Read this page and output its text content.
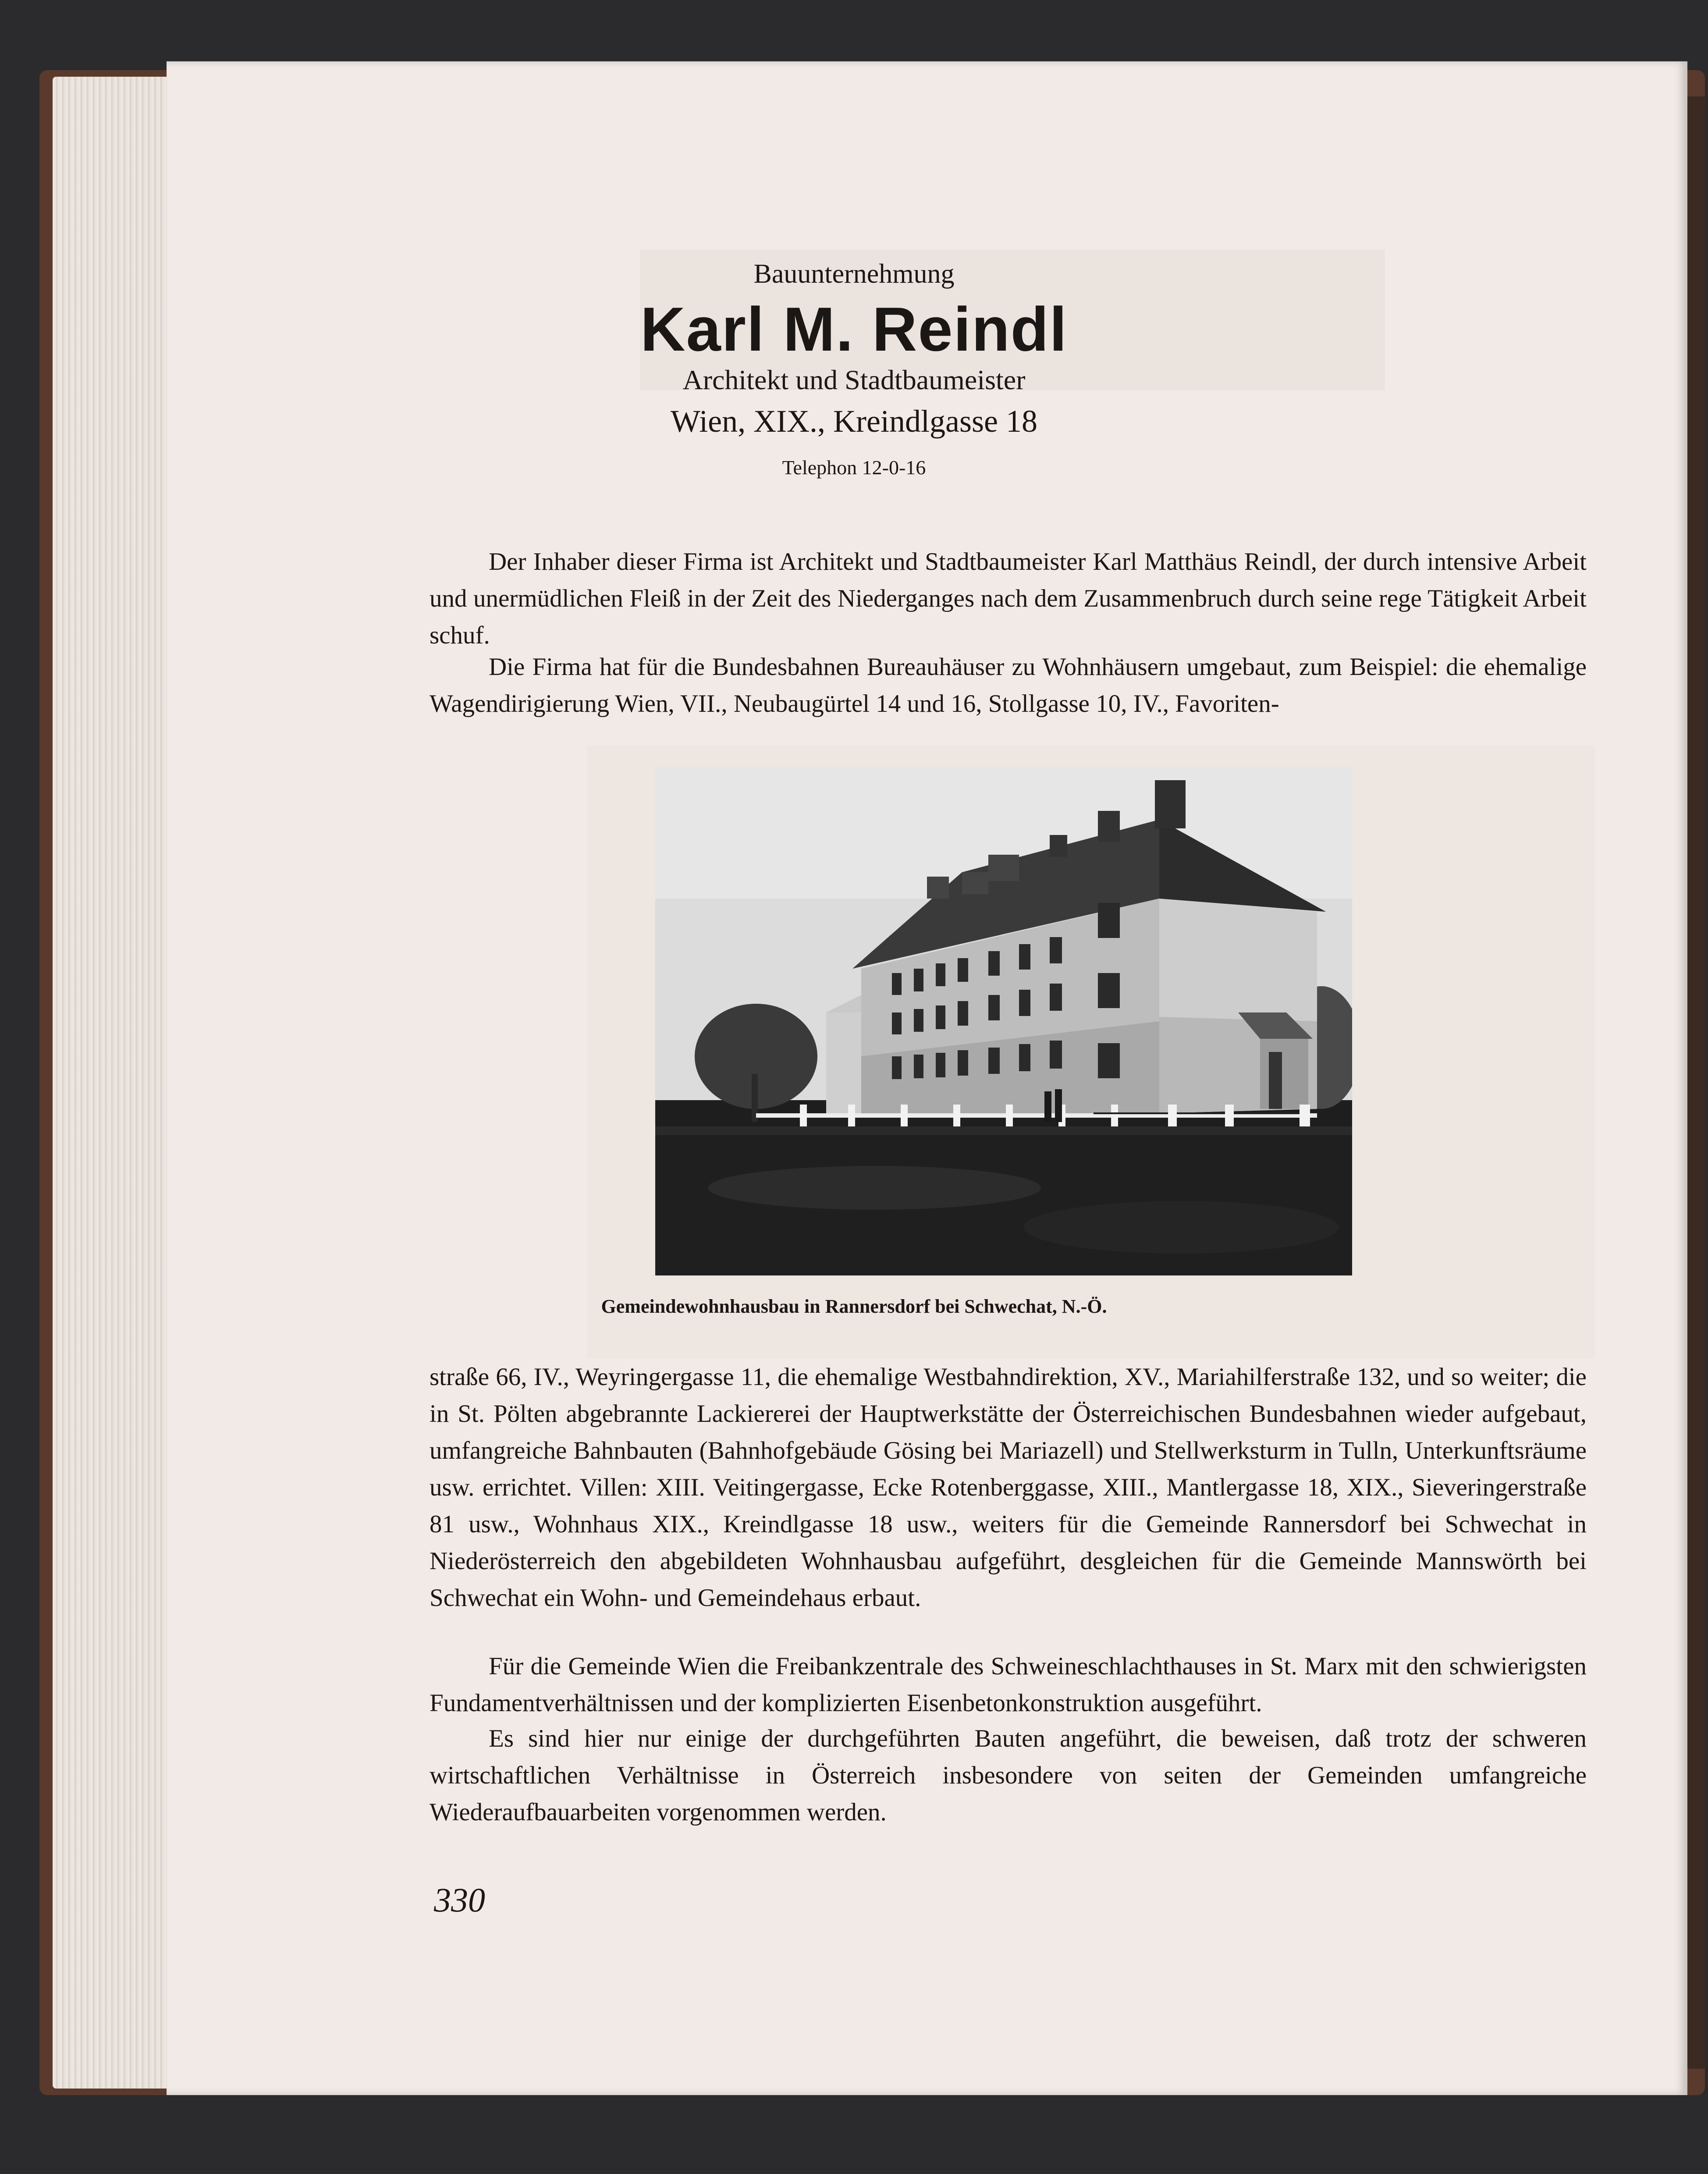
Bauunternehmung
Karl M. Reindl
Architekt und Stadtbaumeister
Wien, XIX., Kreindlgasse 18
Telephon 12-0-16

Der Inhaber dieser Firma ist Architekt und Stadtbaumeister Karl Matthäus Reindl, der durch intensive Arbeit und unermüdlichen Fleiß in der Zeit des Niederganges nach dem Zusammenbruch durch seine rege Tätigkeit Arbeit schuf.

Die Firma hat für die Bundesbahnen Bureauhäuser zu Wohnhäusern umgebaut, zum Beispiel: die ehemalige Wagendirigierung Wien, VII., Neubaugürtel 14 und 16, Stollgasse 10, IV., Favoriten-

Gemeindewohnhausbau in Rannersdorf bei Schwechat, N.-Ö.

straße 66, IV., Weyringergasse 11, die ehemalige Westbahndirektion, XV., Mariahilferstraße 132, und so weiter; die in St. Pölten abgebrannte Lackiererei der Hauptwerkstätte der Österreichischen Bundesbahnen wieder aufgebaut, umfangreiche Bahnbauten (Bahnhofgebäude Gösing bei Mariazell) und Stellwerksturm in Tulln, Unterkunftsräume usw. errichtet. Villen: XIII. Veitingergasse, Ecke Rotenberggasse, XIII., Mantlergasse 18, XIX., Sieveringerstraße 81 usw., Wohnhaus XIX., Kreindlgasse 18 usw., weiters für die Gemeinde Rannersdorf bei Schwechat in Niederösterreich den abgebildeten Wohnhausbau aufgeführt, desgleichen für die Gemeinde Mannswörth bei Schwechat ein Wohn- und Gemeindehaus erbaut.

Für die Gemeinde Wien die Freibankzentrale des Schweineschlachthauses in St. Marx mit den schwierigsten Fundamentverhältnissen und der komplizierten Eisenbetonkonstruktion ausgeführt.

Es sind hier nur einige der durchgeführten Bauten angeführt, die beweisen, daß trotz der schweren wirtschaftlichen Verhältnisse in Österreich insbesondere von seiten der Gemeinden umfangreiche Wiederaufbauarbeiten vorgenommen werden.

330
